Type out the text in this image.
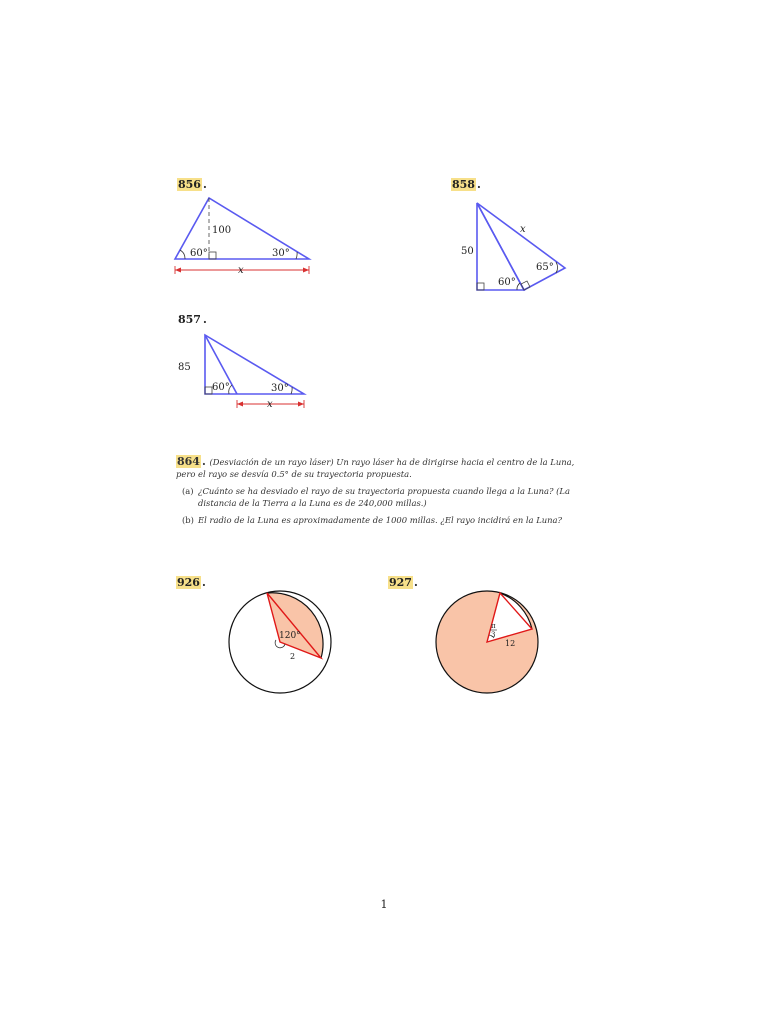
856 .
100
60°	30°
x
858 .
50
x
60°
65°
857 .
85
60°	30°
x
864 . (Desviación de un rayo láser) Un rayo láser ha de dirigirse hacia el centro de la Luna, pero el rayo se desvía 0.5° de su trayectoria propuesta.
(a) ¿Cuánto se ha desviado el rayo de su trayectoria propuesta cuando llega a la Luna? (La distancia de la Tierra a la Luna es de 240,000 millas.)
(b) El radio de la Luna es aproximadamente de 1000 millas. ¿El rayo incidirá en la Luna?
926 .
120°
2
927 .
π
3
12
1
